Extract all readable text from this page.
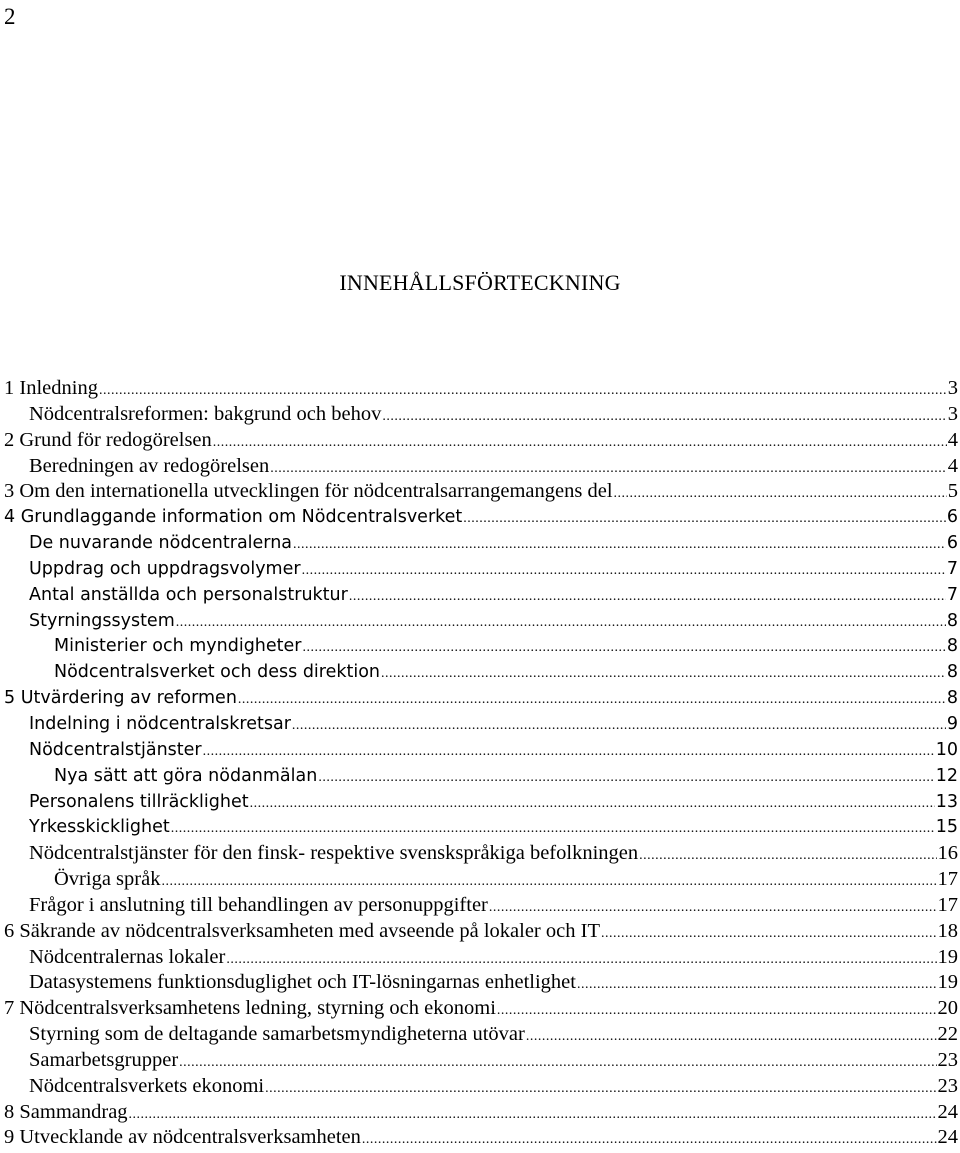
2
INNEHÅLLSFÖRTECKNING
1 Inledning .....	3
Nödcentralsreformen: bakgrund och behov .....	3
2 Grund för redogörelsen .....	4
Beredningen av redogörelsen .....	4
3 Om den internationella utvecklingen för nödcentralsarrangemangens del .....	5
4 Grundlaggande information om Nödcentralsverket .....	6
De nuvarande nödcentralerna .....	6
Uppdrag och uppdragsvolymer .....	7
Antal anställda och personalstruktur .....	7
Styrningssystem .....	8
Ministerier och myndigheter .....	8
Nödcentralsverket och dess direktion .....	8
5 Utvärdering av reformen .....	8
Indelning i nödcentralskretsar .....	9
Nödcentralstjänster .....	10
Nya sätt att göra nödanmälan .....	12
Personalens tillräcklighet .....	13
Yrkesskicklighet .....	15
Nödcentralstjänster för den finsk- respektive svenskspråkiga befolkningen .....	16
Övriga språk .....	17
Frågor i anslutning till behandlingen av personuppgifter .....	17
6 Säkrande av nödcentralsverksamheten med avseende på lokaler och IT .....	18
Nödcentralernas lokaler .....	19
Datasystemens funktionsduglighet och IT-lösningarnas enhetlighet .....	19
7 Nödcentralsverksamhetens ledning, styrning och ekonomi .....	20
Styrning som de deltagande samarbetsmyndigheterna utövar .....	22
Samarbetsgrupper .....	23
Nödcentralsverkets ekonomi .....	23
8 Sammandrag .....	24
9 Utvecklande av nödcentralsverksamheten .....	24
